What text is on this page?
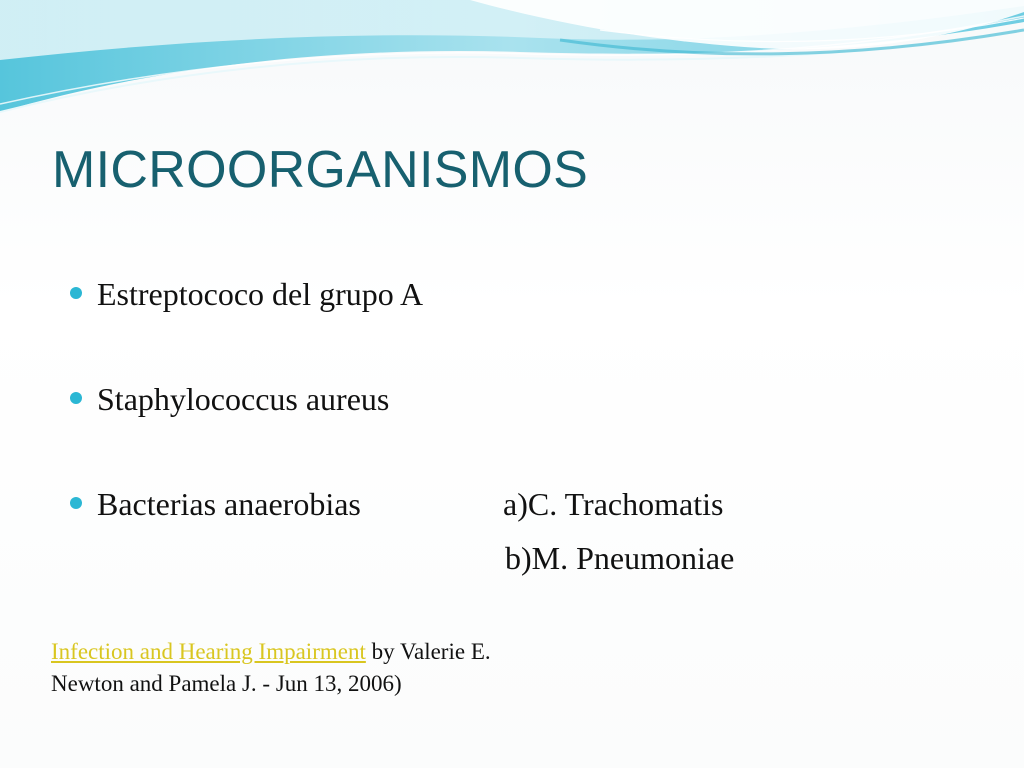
MICROORGANISMOS
Estreptococo del grupo A
Staphylococcus aureus
Bacterias anaerobias	a)C. Trachomatis
b)M. Pneumoniae

Infection and Hearing Impairment by Valerie E. Newton and Pamela J. - Jun 13, 2006)
